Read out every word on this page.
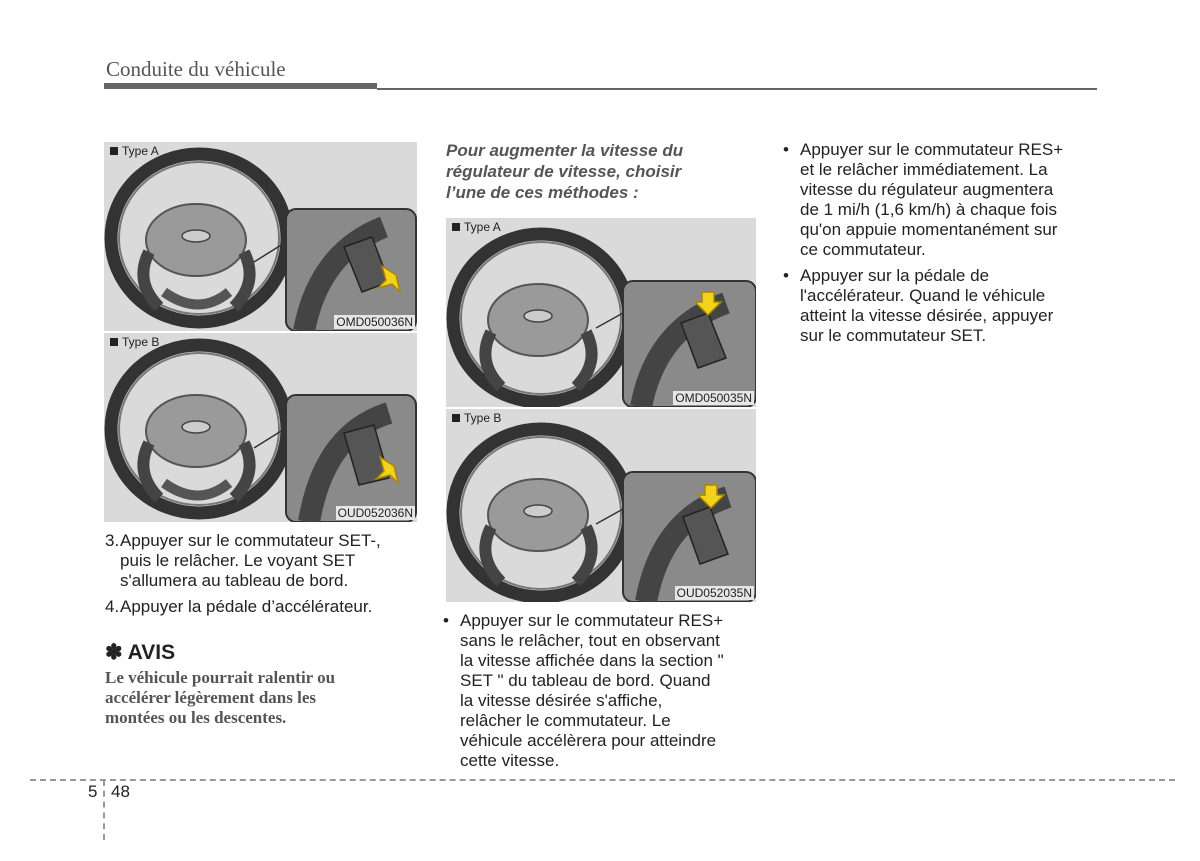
Conduite du véhicule
Type A
OMD050036N
Type B
OUD052036N
Type A
OMD050035N
Type B
OUD052035N
3. Appuyer sur le commutateur SET-,
puis le relâcher. Le voyant SET
s'allumera au tableau de bord.
4. Appuyer la pédale d’accélérateur.
✽ AVIS
Le véhicule pourrait ralentir ou
accélérer légèrement dans les
montées ou les descentes.
Pour augmenter la vitesse du
régulateur de vitesse, choisir
l’une de ces méthodes :
• Appuyer sur le commutateur RES+
sans le relâcher, tout en observant
la vitesse affichée dans la section "
SET " du tableau de bord. Quand
la vitesse désirée s'affiche,
relâcher le commutateur. Le
véhicule accélèrera pour atteindre
cette vitesse.
• Appuyer sur le commutateur RES+
et le relâcher immédiatement. La
vitesse du régulateur augmentera
de 1 mi/h (1,6 km/h) à chaque fois
qu'on appuie momentanément sur
ce commutateur.
• Appuyer sur la pédale de
l'accélérateur. Quand le véhicule
atteint la vitesse désirée, appuyer
sur le commutateur SET.
5 48
